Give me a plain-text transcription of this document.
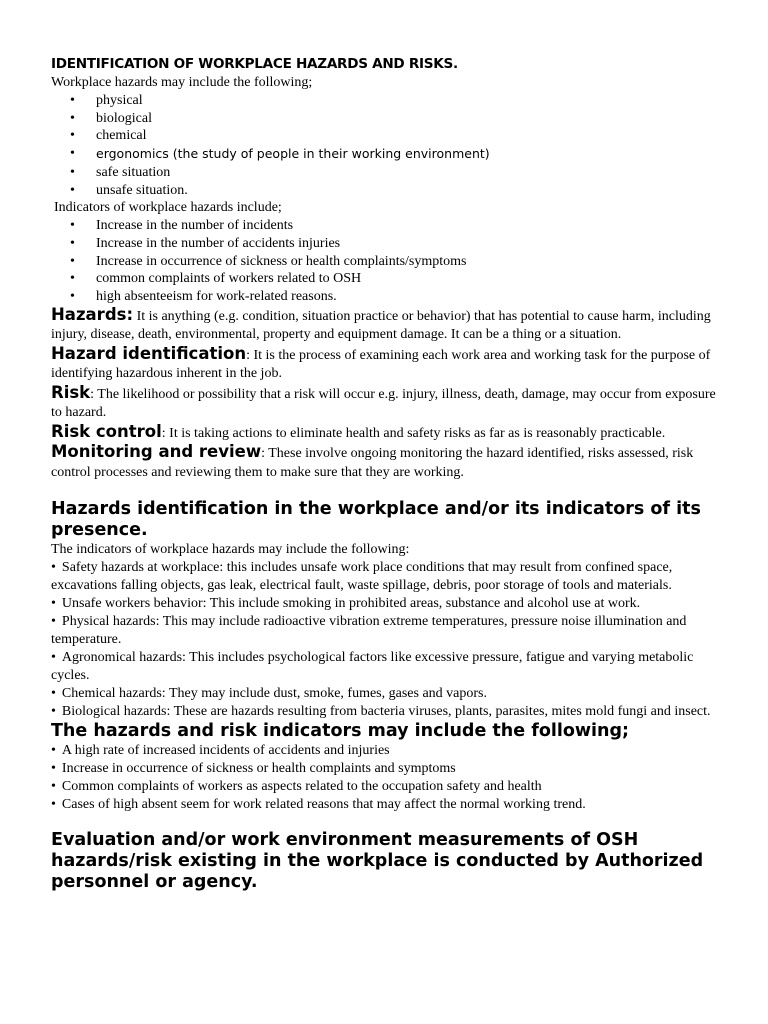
IDENTIFICATION OF WORKPLACE HAZARDS AND RISKS.

Workplace hazards may include the following;

• physical
• biological
• chemical
• ergonomics (the study of people in their working environment)
• safe situation
• unsafe situation.

Indicators of workplace hazards include;

• Increase in the number of incidents
• Increase in the number of accidents injuries
• Increase in occurrence of sickness or health complaints/symptoms
• common complaints of workers related to OSH
• high absenteeism for work-related reasons.

Hazards: It is anything (e.g. condition, situation practice or behavior) that has potential to cause harm, including injury, disease, death, environmental, property and equipment damage. It can be a thing or a situation.

Hazard identification: It is the process of examining each work area and working task for the purpose of identifying hazardous inherent in the job.

Risk: The likelihood or possibility that a risk will occur e.g. injury, illness, death, damage, may occur from exposure to hazard.

Risk control: It is taking actions to eliminate health and safety risks as far as is reasonably practicable.

Monitoring and review: These involve ongoing monitoring the hazard identified, risks assessed, risk control processes and reviewing them to make sure that they are working.

Hazards identification in the workplace and/or its indicators of its presence.

The indicators of workplace hazards may include the following:

• Safety hazards at workplace: this includes unsafe work place conditions that may result from confined space, excavations falling objects, gas leak, electrical fault, waste spillage, debris, poor storage of tools and materials.
• Unsafe workers behavior: This include smoking in prohibited areas, substance and alcohol use at work.
• Physical hazards: This may include radioactive vibration extreme temperatures, pressure noise illumination and temperature.
• Agronomical hazards: This includes psychological factors like excessive pressure, fatigue and varying metabolic cycles.
• Chemical hazards: They may include dust, smoke, fumes, gases and vapors.
• Biological hazards: These are hazards resulting from bacteria viruses, plants, parasites, mites mold fungi and insect.
The hazards and risk indicators may include the following;
• A high rate of increased incidents of accidents and injuries
• Increase in occurrence of sickness or health complaints and symptoms
• Common complaints of workers as aspects related to the occupation safety and health
• Cases of high absent seem for work related reasons that may affect the normal working trend.
Evaluation and/or work environment measurements of OSH hazards/risk existing in the workplace is conducted by Authorized personnel or agency.
